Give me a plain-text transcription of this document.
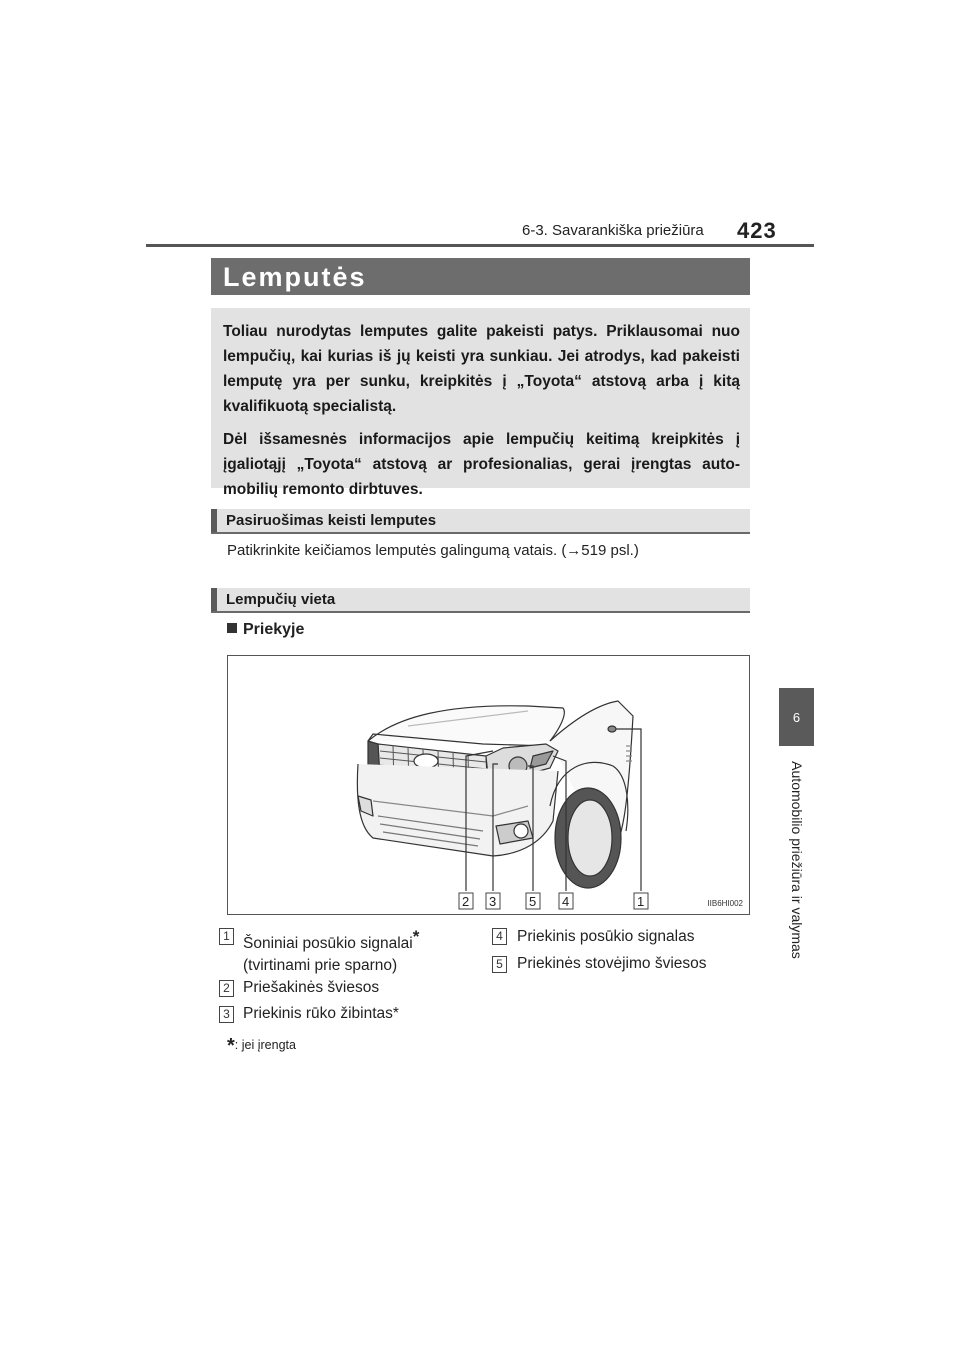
6-3. Savarankiška priežiūra 423
6
Automobilio priežiūra ir valymas
Lemputės

Toliau nurodytas lemputes galite pakeisti patys. Priklausomai nuo lempučių, kai kurias iš jų keisti yra sunkiau. Jei atrodys, kad pakeisti lemputę yra per sunku, kreipkitės į „Toyota“ atstovą arba į kitą kvalifikuotą specialistą.

Dėl išsamesnės informacijos apie lempučių keitimą kreipkitės į įgaliotąjį „Toyota“ atstovą ar profesionalias, gerai įrengtas auto-mobilių remonto dirbtuves.

Pasiruošimas keisti lemputes
Patikrinkite keičiamos lemputės galingumą vatais. (→519 psl.)
Lempučių vieta
Priekyje
2 3	5 4	1	IIB6HI002
1 Šoniniai posūkio signalai*
(tvirtinami prie sparno)
2 Priešakinės šviesos
3 Priekinis rūko žibintas*
4 Priekinis posūkio signalas
5 Priekinės stovėjimo šviesos
*: jei įrengta
